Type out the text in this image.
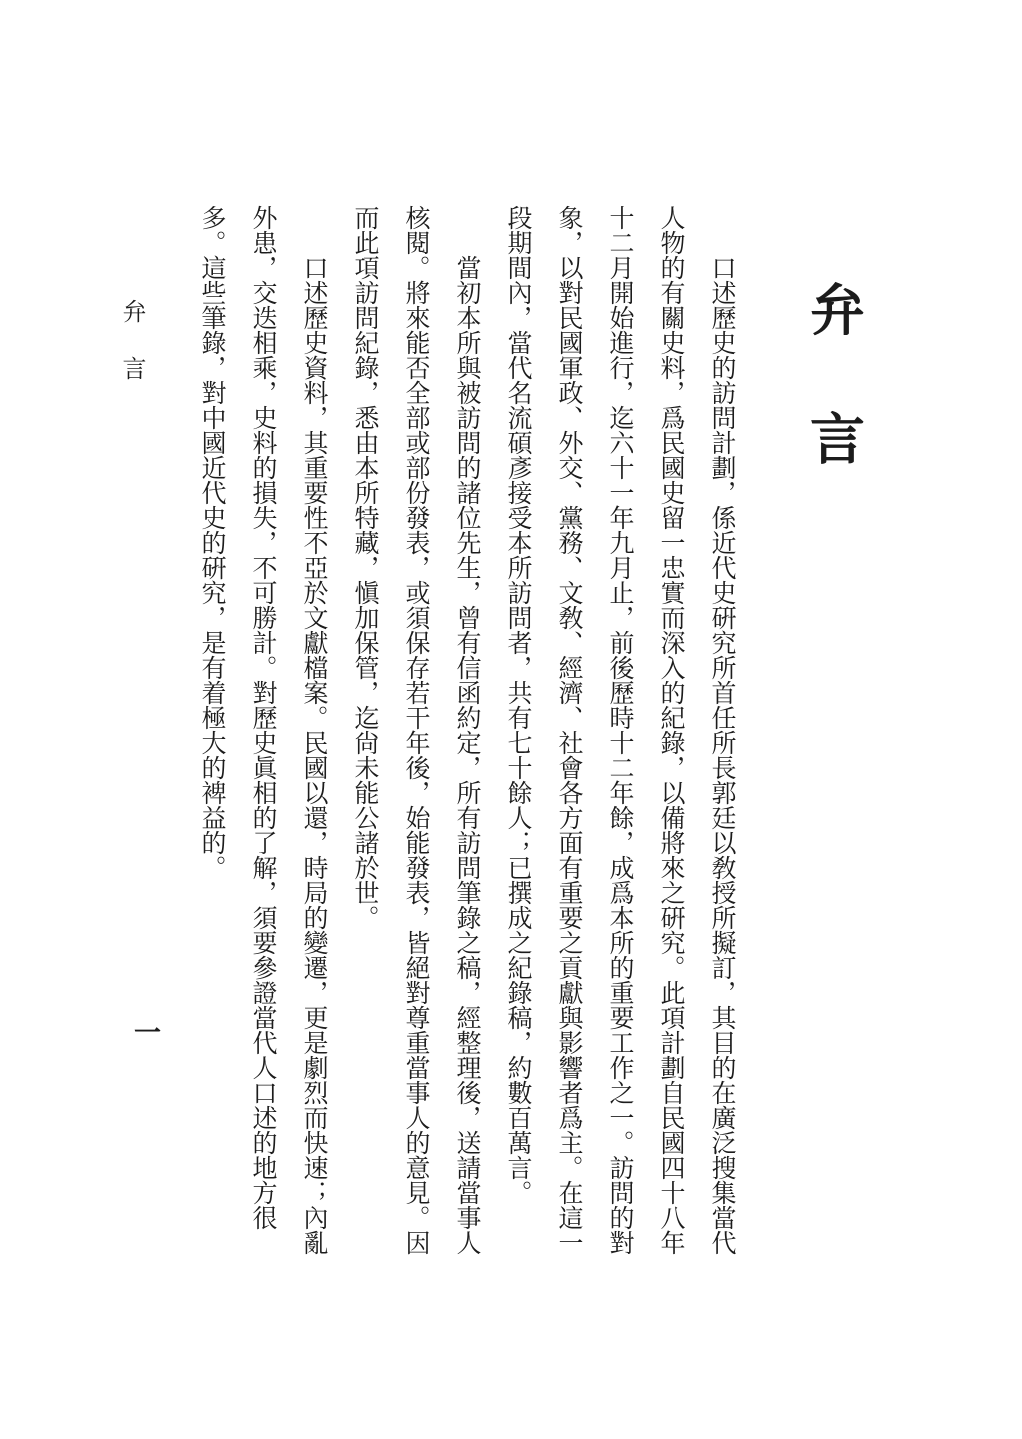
弁言

口述歷史的訪問計劃，係近代史硏究所首任所長郭廷以敎授所擬訂，其目的在廣泛搜集當代人物的有關史料，爲民國史留一忠實而深入的紀錄，以備將來之硏究。此項計劃自民國四十八年十二月開始進行，迄六十一年九月止，前後歷時十二年餘，成爲本所的重要工作之一。訪問的對象，以對民國軍政、外交、黨務、文敎、經濟、社會各方面有重要之貢獻與影響者爲主。在這一段期間內，當代名流碩彥接受本所訪問者，共有七十餘人；已撰成之紀錄稿，約數百萬言。

當初本所與被訪問的諸位先生，曾有信函約定，所有訪問筆錄之稿，經整理後，送請當事人核閱。將來能否全部或部份發表，或須保存若干年後，始能發表，皆絕對尊重當事人的意見。因而此項訪問紀錄，悉由本所特藏，愼加保管，迄尙未能公諸於世。

口述歷史資料，其重要性不亞於文獻檔案。民國以還，時局的變遷，更是劇烈而快速；內亂外患，交迭相乘，史料的損失，不可勝計。對歷史眞相的了解，須要參證當代人口述的地方很多。這些筆錄，對中國近代史的硏究，是有着極大的裨益的。

弁言
一
